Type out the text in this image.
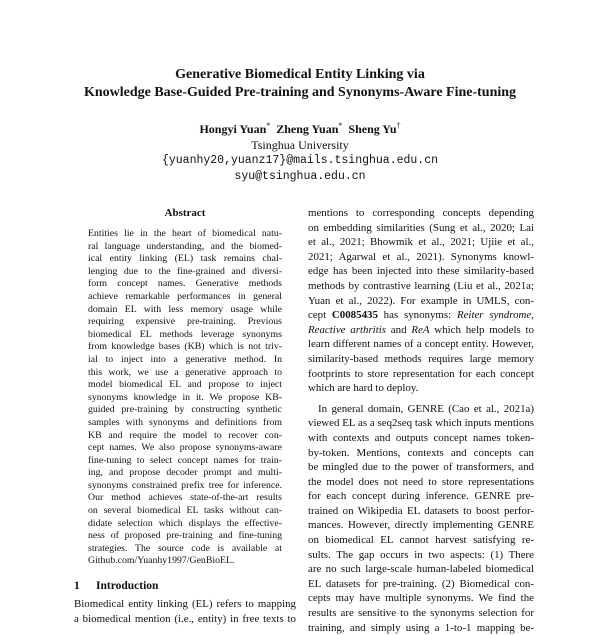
Generative Biomedical Entity Linking via
Knowledge Base-Guided Pre-training and Synonyms-Aware Fine-tuning
Hongyi Yuan* Zheng Yuan* Sheng Yu†
Tsinghua University
{yuanhy20,yuanz17}@mails.tsinghua.edu.cn
syu@tsinghua.edu.cn
Abstract
Entities lie in the heart of biomedical natu-
ral language understanding, and the biomed-
ical entity linking (EL) task remains chal-
lenging due to the fine-grained and diversi-
form concept names. Generative methods
achieve remarkable performances in general
domain EL with less memory usage while
requiring expensive pre-training. Previous
biomedical EL methods leverage synonyms
from knowledge bases (KB) which is not triv-
ial to inject into a generative method. In
this work, we use a generative approach to
model biomedical EL and propose to inject
synonyms knowledge in it. We propose KB-
guided pre-training by constructing synthetic
samples with synonyms and definitions from
KB and require the model to recover con-
cept names. We also propose synonyms-aware
fine-tuning to select concept names for train-
ing, and propose decoder prompt and multi-
synonyms constrained prefix tree for inference.
Our method achieves state-of-the-art results
on several biomedical EL tasks without can-
didate selection which displays the effective-
ness of proposed pre-training and fine-tuning
strategies. The source code is available at
Github.com/Yuanhy1997/GenBioEL.
1 Introduction
Biomedical entity linking (EL) refers to mapping
a biomedical mention (i.e., entity) in free texts to
mentions to corresponding concepts depending
on embedding similarities (Sung et al., 2020; Lai
et al., 2021; Bhowmik et al., 2021; Ujiie et al.,
2021; Agarwal et al., 2021). Synonyms knowl-
edge has been injected into these similarity-based
methods by contrastive learning (Liu et al., 2021a;
Yuan et al., 2022). For example in UMLS, con-
cept C0085435 has synonyms: Reiter syndrome,
Reactive arthritis and ReA which help models to
learn different names of a concept entity. However,
similarity-based methods requires large memory
footprints to store representation for each concept
which are hard to deploy.
In general domain, GENRE (Cao et al., 2021a)
viewed EL as a seq2seq task which inputs mentions
with contexts and outputs concept names token-
by-token. Mentions, contexts and concepts can
be mingled due to the power of transformers, and
the model does not need to store representations
for each concept during inference. GENRE pre-
trained on Wikipedia EL datasets to boost perfor-
mances. However, directly implementing GENRE
on biomedical EL cannot harvest satisfying re-
sults. The gap occurs in two aspects: (1) There
are no such large-scale human-labeled biomedical
EL datasets for pre-training. (2) Biomedical con-
cepts may have multiple synonyms. We find the
results are sensitive to the synonyms selection for
training, and simply using a 1-to-1 mapping be-
